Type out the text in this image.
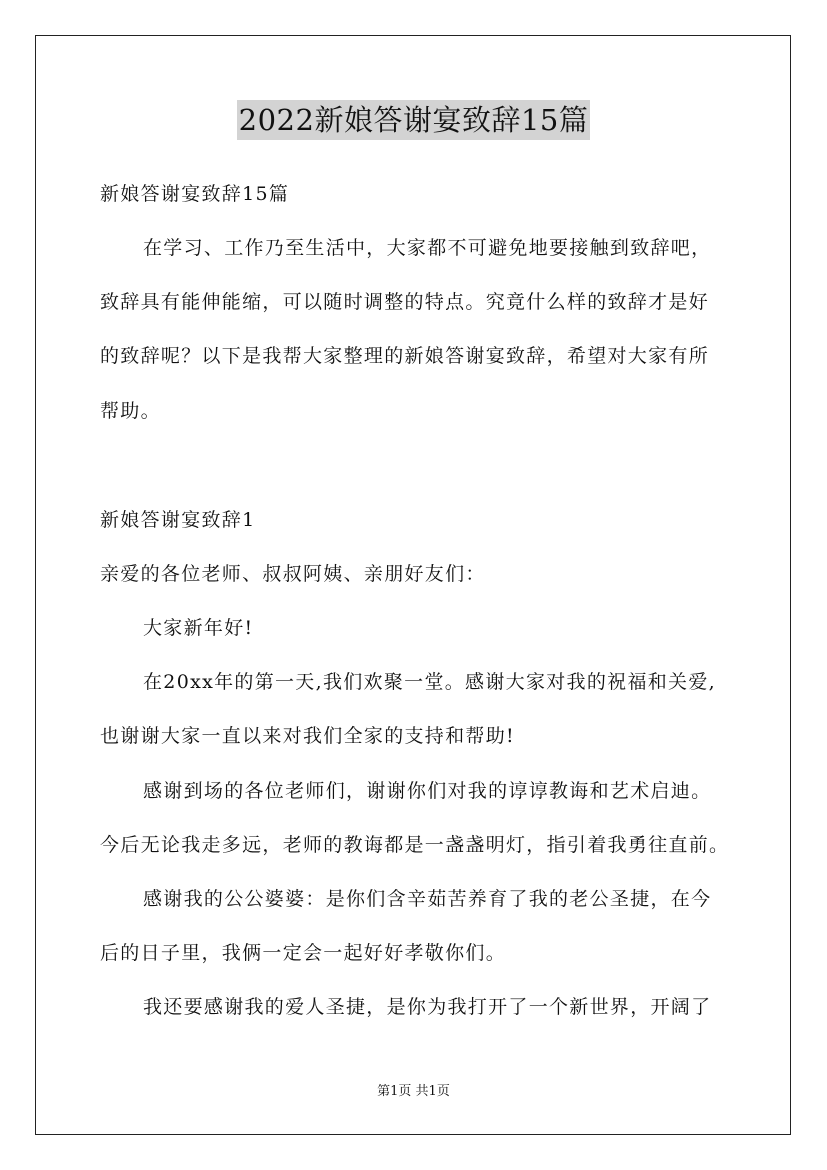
2022新娘答谢宴致辞15篇
新娘答谢宴致辞15篇
在学习、工作乃至生活中，大家都不可避免地要接触到致辞吧，
致辞具有能伸能缩，可以随时调整的特点。究竟什么样的致辞才是好
的致辞呢？以下是我帮大家整理的新娘答谢宴致辞，希望对大家有所
帮助。
新娘答谢宴致辞1
亲爱的各位老师、叔叔阿姨、亲朋好友们：
大家新年好!
在20xx年的第一天,我们欢聚一堂。感谢大家对我的祝福和关爱,
也谢谢大家一直以来对我们全家的支持和帮助!
感谢到场的各位老师们，谢谢你们对我的谆谆教诲和艺术启迪。
今后无论我走多远，老师的教诲都是一盏盏明灯，指引着我勇往直前。
感谢我的公公婆婆：是你们含辛茹苦养育了我的老公圣捷，在今
后的日子里，我俩一定会一起好好孝敬你们。
我还要感谢我的爱人圣捷，是你为我打开了一个新世界，开阔了
第1页 共1页
